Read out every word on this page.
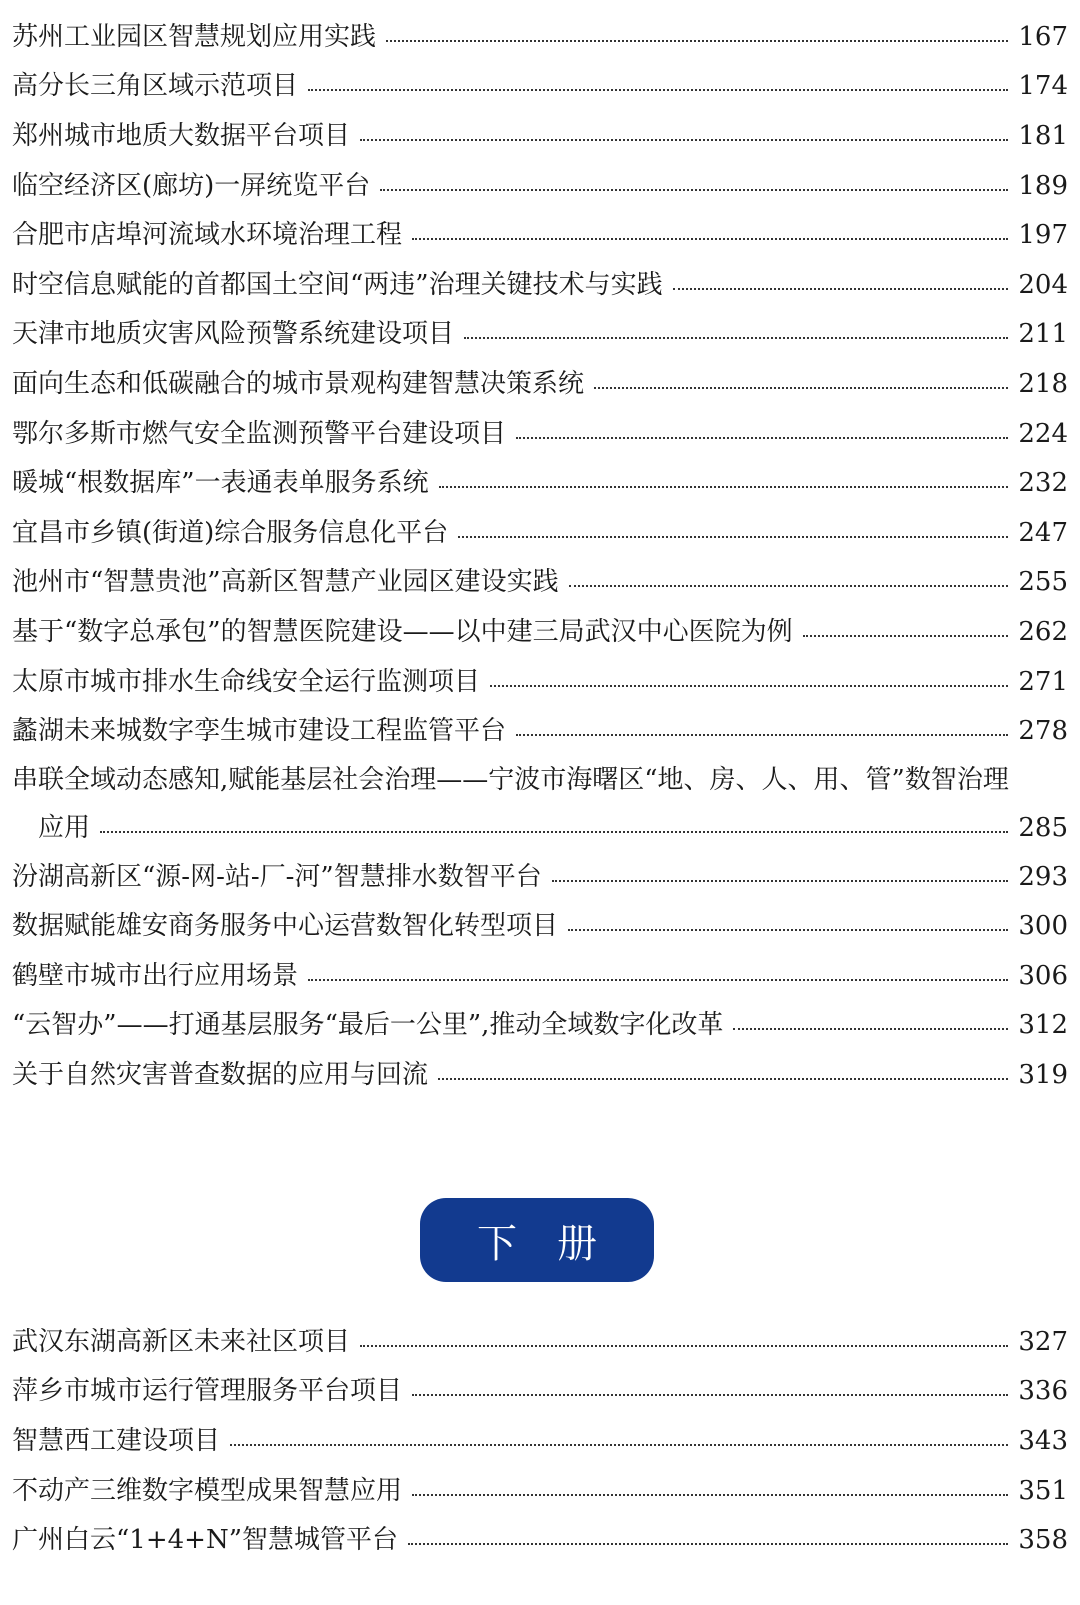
苏州工业园区智慧规划应用实践	167
高分长三角区域示范项目	174
郑州城市地质大数据平台项目	181
临空经济区(廊坊)一屏统览平台	189
合肥市店埠河流域水环境治理工程	197
时空信息赋能的首都国土空间“两违”治理关键技术与实践	204
天津市地质灾害风险预警系统建设项目	211
面向生态和低碳融合的城市景观构建智慧决策系统	218
鄂尔多斯市燃气安全监测预警平台建设项目	224
暖城“根数据库”一表通表单服务系统	232
宜昌市乡镇(街道)综合服务信息化平台	247
池州市“智慧贵池”高新区智慧产业园区建设实践	255
基于“数字总承包”的智慧医院建设——以中建三局武汉中心医院为例	262
太原市城市排水生命线安全运行监测项目	271
蠡湖未来城数字孪生城市建设工程监管平台	278
串联全域动态感知,赋能基层社会治理——宁波市海曙区“地、房、人、用、管”数智治理
应用	285
汾湖高新区“源-网-站-厂-河”智慧排水数智平台	293
数据赋能雄安商务服务中心运营数智化转型项目	300
鹤壁市城市出行应用场景	306
“云智办”——打通基层服务“最后一公里”,推动全域数字化改革	312
关于自然灾害普查数据的应用与回流	319
下册
武汉东湖高新区未来社区项目	327
萍乡市城市运行管理服务平台项目	336
智慧西工建设项目	343
不动产三维数字模型成果智慧应用	351
广州白云“1+4+N”智慧城管平台	358
